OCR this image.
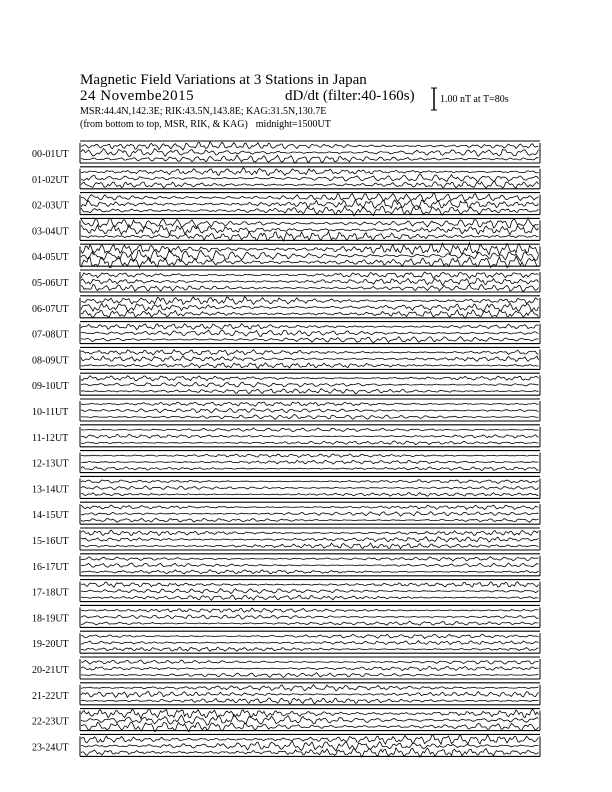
Magnetic Field Variations at 3 Stations in Japan
24 Novembe2015	dD/dt (filter:40-160s)
MSR:44.4N,142.3E; RIK:43.5N,143.8E; KAG:31.5N,130.7E
(from bottom to top, MSR, RIK, & KAG) midnight=1500UT
1.00 nT at T=80s
00-01UT
01-02UT
02-03UT
03-04UT
04-05UT
05-06UT
06-07UT
07-08UT
08-09UT
09-10UT
10-11UT
11-12UT
12-13UT
13-14UT
14-15UT
15-16UT
16-17UT
17-18UT
18-19UT
19-20UT
20-21UT
21-22UT
22-23UT
23-24UT
